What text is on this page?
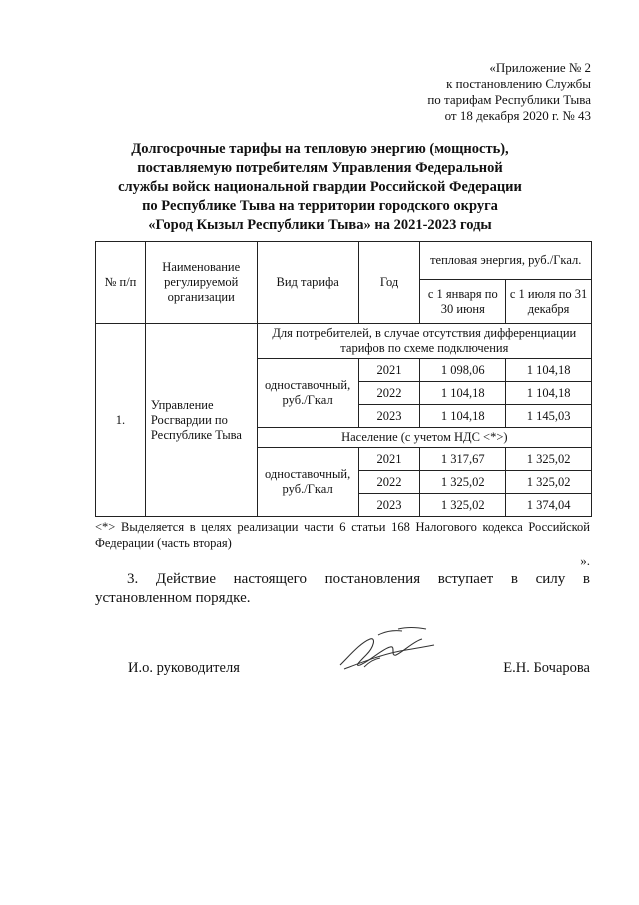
«Приложение № 2
к постановлению Службы
по тарифам Республики Тыва
от 18 декабря 2020 г. № 43
Долгосрочные тарифы на тепловую энергию (мощность),
поставляемую потребителям Управления Федеральной
службы войск национальной гвардии Российской Федерации
по Республике Тыва на территории городского округа
«Город Кызыл Республики Тыва» на 2021-2023 годы
№ п/п	Наименование регулируемой организации	Вид тарифа	Год	тепловая энергия, руб./Гкал.	
				с 1 января по 30 июня	с 1 июля по 31 декабря
1.	Управление Росгвардии по Республике Тыва	Для потребителей, в случае отсутствия дифференциации тарифов по схеме подключения			
		одноставочный, руб./Гкал	2021	1 098,06	1 104,18
			2022	1 104,18	1 104,18
			2023	1 104,18	1 145,03
		Население (с учетом НДС <*>)			
		одноставочный, руб./Гкал	2021	1 317,67	1 325,02
			2022	1 325,02	1 325,02
			2023	1 325,02	1 374,04
<*> Выделяется в целях реализации части 6 статьи 168 Налогового кодекса Российской Федерации (часть вторая)
».
3. Действие настоящего постановления вступает в силу в
установленном порядке.
И.о. руководителя	Е.Н. Бочарова
